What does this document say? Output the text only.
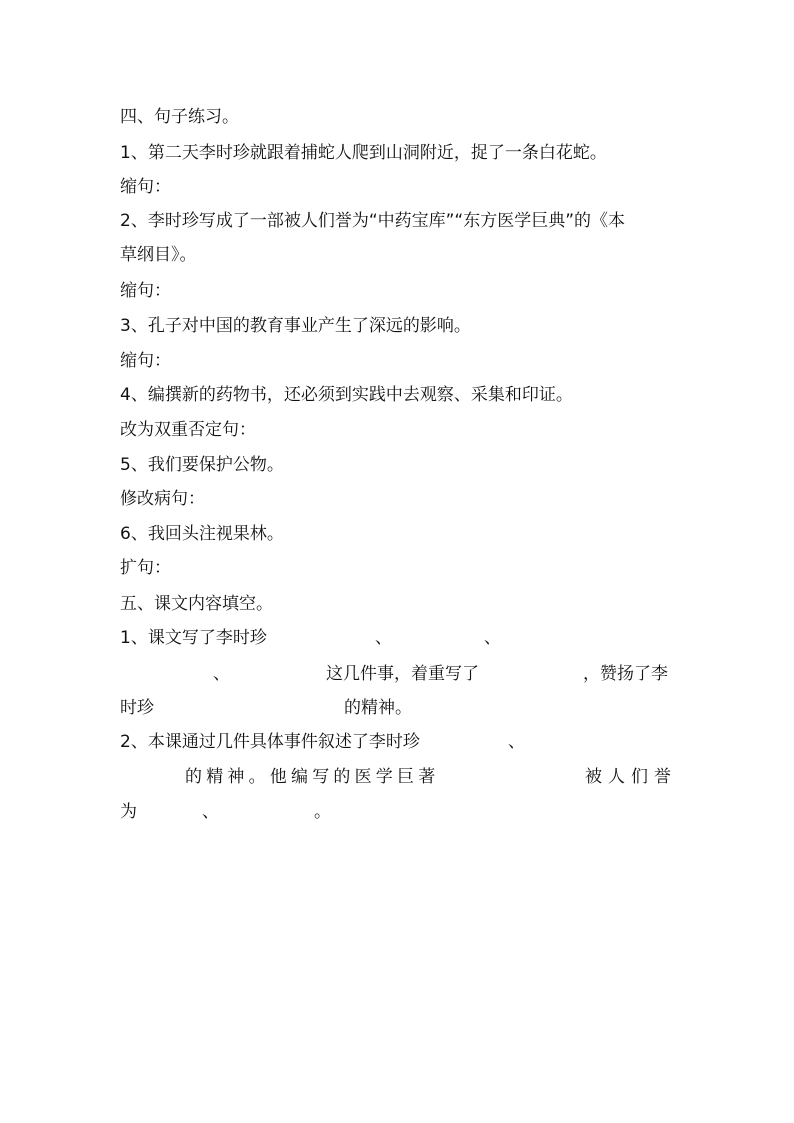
四、句子练习。
1、第二天李时珍就跟着捕蛇人爬到山洞附近，捉了一条白花蛇。
缩句：
2、李时珍写成了一部被人们誉为“中药宝库”“东方医学巨典”的《本
草纲目》。
缩句：
3、孔子对中国的教育事业产生了深远的影响。
缩句：
4、编撰新的药物书，还必须到实践中去观察、采集和印证。
改为双重否定句：
5、我们要保护公物。
修改病句：
6、我回头注视果林。
扩句：
五、课文内容填空。
1、课文写了李时珍	、	、
、	这几件事，着重写了	，赞扬了李
时珍	的精神。
2、本课通过几件具体事件叙述了李时珍	、
的精神。他编写的医学巨著	被人们誉
为	、	。
